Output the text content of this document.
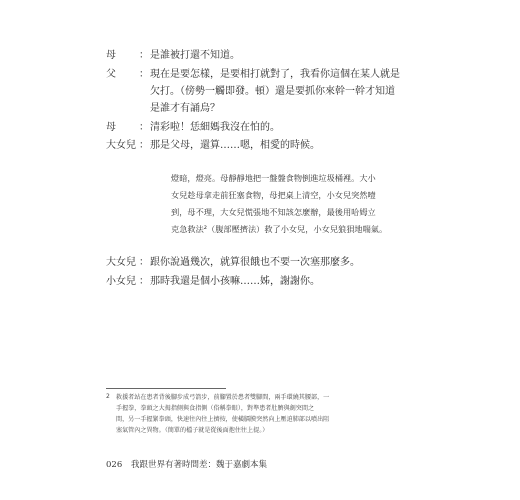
母	： 是誰被打還不知道。
父	： 現在是要怎樣，是要相打就對了，我看你這個在某人就是
欠打。（傍勢一觸即發。頓）還是要抓你來幹一幹才知道
是誰才有誦烏？
母	： 清彩啦！恁細媽我沒在怕的。
大女兒 ： 那是父母，還算……嗯，相愛的時候。
燈暗，燈亮。母靜靜地把一盤盤食物倒進垃圾桶裡。大小
女兒趁母拿走前狂塞食物，母把桌上清空，小女兒突然噎
到，母不理，大女兒慌張地不知該怎麼辦，最後用哈姆立
克急救法²（腹部壓擠法）救了小女兒，小女兒狼狽地喘氣。
大女兒 ： 跟你說過幾次，就算很餓也不要一次塞那麼多。
小女兒 ： 那時我還是個小孩嘛……姊，謝謝你。
2 救援者站在患者背後腳步成弓箭步，前腳置於患者雙腳間，兩手環繞其腰部，一
手握拳，拳頭之大拇指側與食指側（俗稱拳眼），對準患者肚臍與劍突間之
間，另一手握緊拳頭，快速往內往上擠按，使橫膈膜突然向上壓迫肺部以噴出阻
塞氣管內之異物。（簡單的檔子就是從後面抱住往上提。）
026 我跟世界有著時間差：魏于嘉劇本集
